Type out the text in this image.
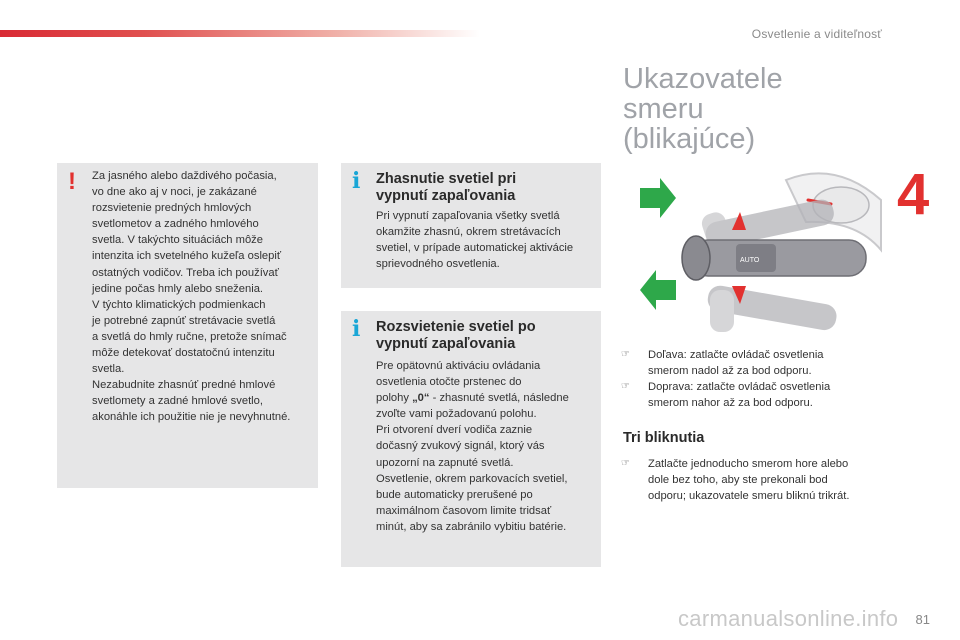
Osvetlenie a viditeľnosť
! Za jasného alebo daždivého počasia,
vo dne ako aj v noci, je zakázané
rozsvietenie predných hmlových
svetlometov a zadného hmlového
svetla. V takýchto situáciách môže
intenzita ich svetelného kužeľa oslepiť
ostatných vodičov. Treba ich používať
jedine počas hmly alebo sneženia.
V týchto klimatických podmienkach
je potrebné zapnúť stretávacie svetlá
a svetlá do hmly ručne, pretože snímač
môže detekovať dostatočnú intenzitu
svetla.
Nezabudnite zhasnúť predné hmlové
svetlomety a zadné hmlové svetlo,
akonáhle ich použitie nie je nevyhnutné.
i Zhasnutie svetiel pri
vypnutí zapaľovania
Pri vypnutí zapaľovania všetky svetlá
okamžite zhasnú, okrem stretávacích
svetiel, v prípade automatickej aktivácie
sprievodného osvetlenia.
i Rozsvietenie svetiel po
vypnutí zapaľovania
Pre opätovnú aktiváciu ovládania
osvetlenia otočte prstenec do
polohy „0“ - zhasnuté svetlá, následne
zvoľte vami požadovanú polohu.
Pri otvorení dverí vodiča zaznie
dočasný zvukový signál, ktorý vás
upozorní na zapnuté svetlá.
Osvetlenie, okrem parkovacích svetiel,
bude automaticky prerušené po
maximálnom časovom limite tridsať
minút, aby sa zabránilo vybitiu batérie.
Ukazovatele
smeru
(blikajúce)
4
AUTO
☞ Doľava: zatlačte ovládač osvetlenia
smerom nadol až za bod odporu.
☞ Doprava: zatlačte ovládač osvetlenia
smerom nahor až za bod odporu.
Tri bliknutia
☞ Zatlačte jednoducho smerom hore alebo
dole bez toho, aby ste prekonali bod
odporu; ukazovatele smeru bliknú trikrát.
carmanualsonline.info 81
